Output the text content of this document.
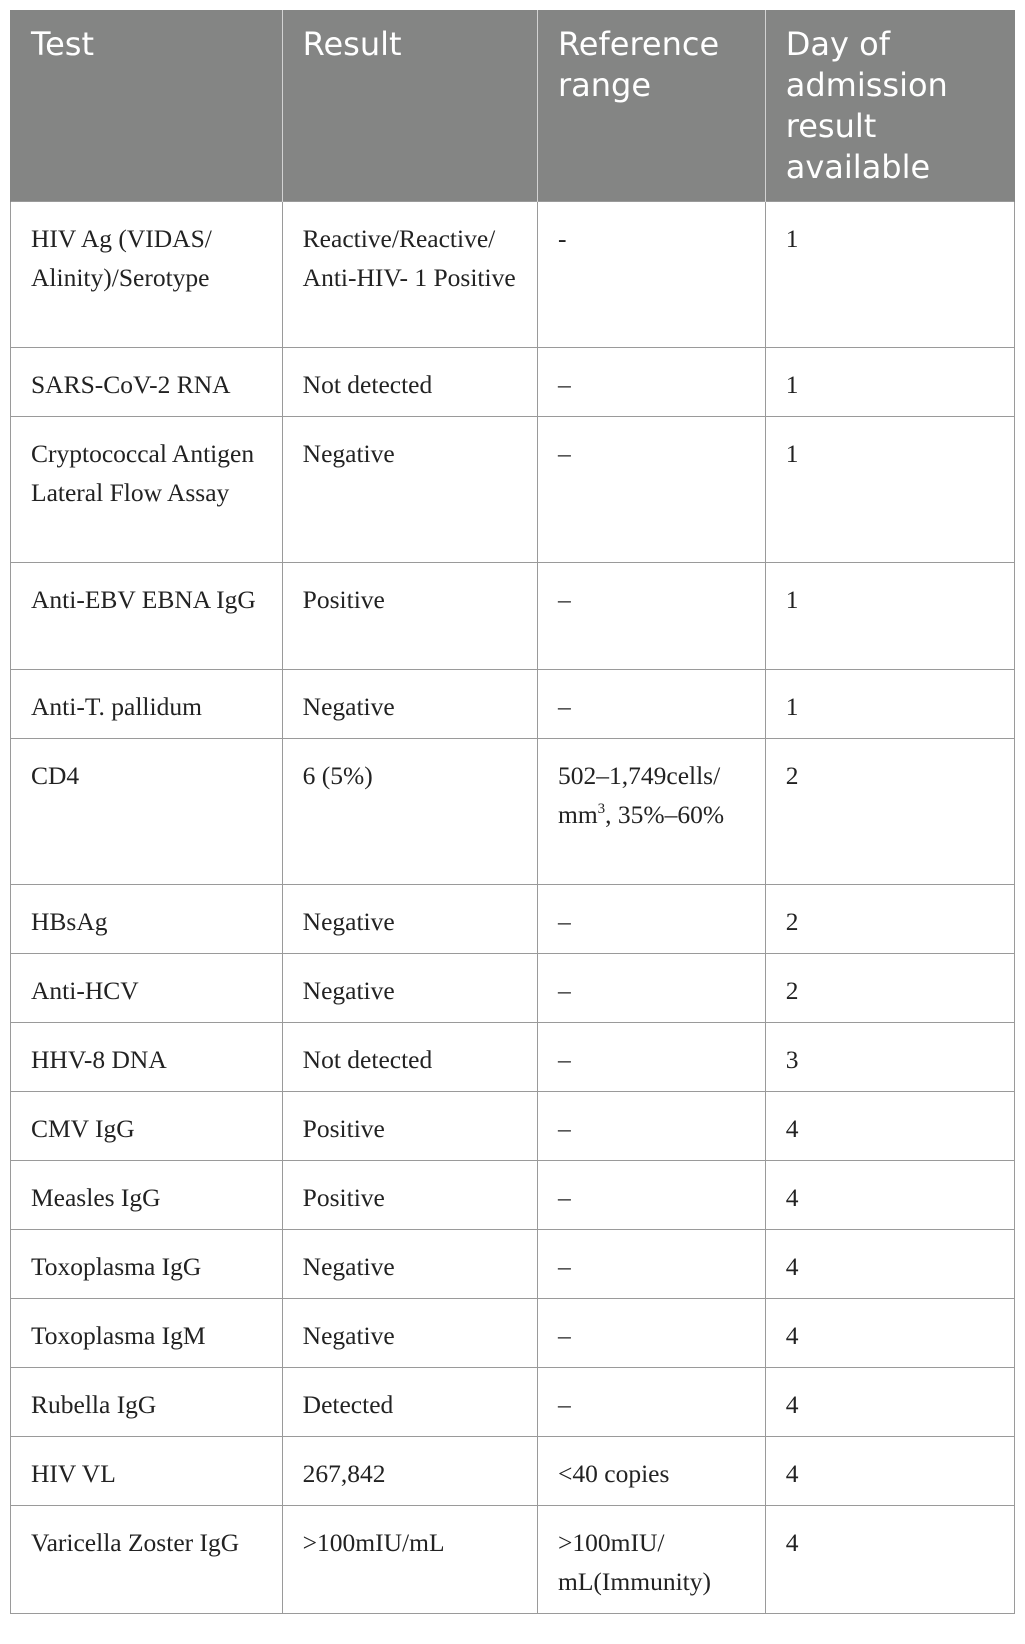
Test	Result	Reference range	Day of admission result available
HIV Ag (VIDAS/ Alinity)/Serotype	Reactive/Reactive/ Anti-HIV- 1 Positive	-	1
SARS-CoV-2 RNA	Not detected	–	1
Cryptococcal Antigen Lateral Flow Assay	Negative	–	1
Anti-EBV EBNA IgG	Positive	–	1
Anti-T. pallidum	Negative	–	1
CD4	6 (5%)	502–1,749cells/ $mm^3$, 35%–60%	2
HBsAg	Negative	–	2
Anti-HCV	Negative	–	2
HHV-8 DNA	Not detected	–	3
CMV IgG	Positive	–	4
Measles IgG	Positive	–	4
Toxoplasma IgG	Negative	–	4
Toxoplasma IgM	Negative	–	4
Rubella IgG	Detected	–	4
HIV VL	267,842	<40 copies	4
Varicella Zoster IgG	>100mIU/mL	>100mIU/ mL(Immunity)	4
